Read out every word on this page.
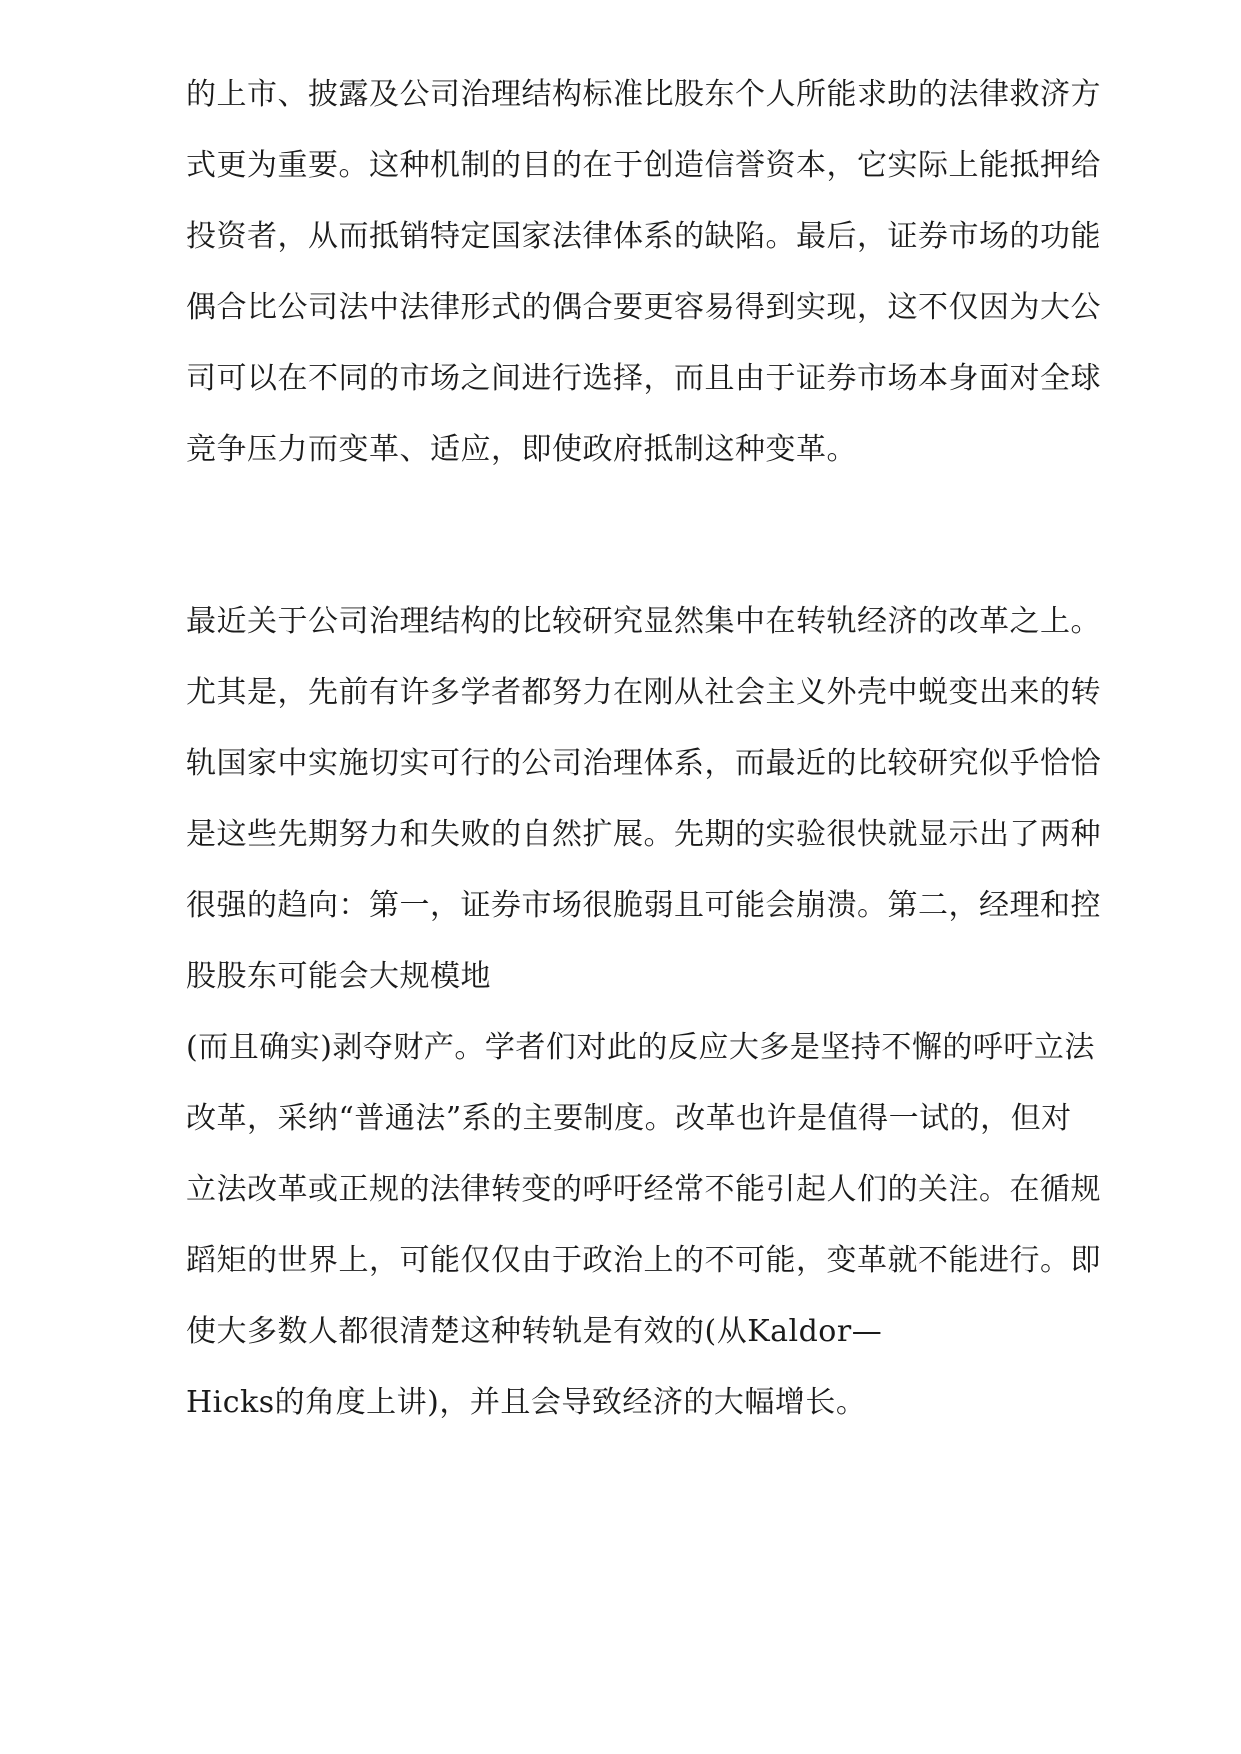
的上市、披露及公司治理结构标准比股东个人所能求助的法律救济方
式更为重要。这种机制的目的在于创造信誉资本，它实际上能抵押给
投资者，从而抵销特定国家法律体系的缺陷。最后，证券市场的功能
偶合比公司法中法律形式的偶合要更容易得到实现，这不仅因为大公
司可以在不同的市场之间进行选择，而且由于证券市场本身面对全球
竞争压力而变革、适应，即使政府抵制这种变革。
最近关于公司治理结构的比较研究显然集中在转轨经济的改革之上。
尤其是，先前有许多学者都努力在刚从社会主义外壳中蜕变出来的转
轨国家中实施切实可行的公司治理体系，而最近的比较研究似乎恰恰
是这些先期努力和失败的自然扩展。先期的实验很快就显示出了两种
很强的趋向：第一，证券市场很脆弱且可能会崩溃。第二，经理和控
股股东可能会大规模地
(而且确实)剥夺财产。学者们对此的反应大多是坚持不懈的呼吁立法
改革，采纳“普通法”系的主要制度。改革也许是值得一试的，但对
立法改革或正规的法律转变的呼吁经常不能引起人们的关注。在循规
蹈矩的世界上，可能仅仅由于政治上的不可能，变革就不能进行。即
使大多数人都很清楚这种转轨是有效的(从Kaldor—
Hicks的角度上讲)，并且会导致经济的大幅增长。
